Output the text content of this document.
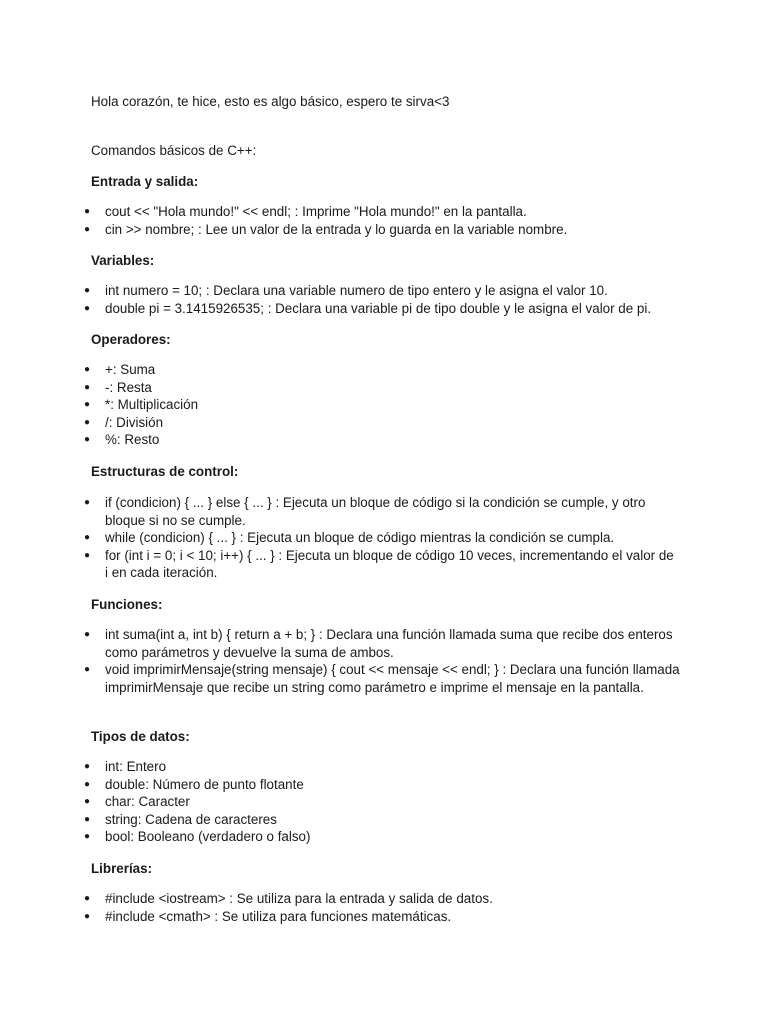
Hola corazón, te hice, esto es algo básico, espero te sirva<3
Comandos básicos de C++:
Entrada y salida:
● cout << "Hola mundo!" << endl; : Imprime "Hola mundo!" en la pantalla.
● cin >> nombre; : Lee un valor de la entrada y lo guarda en la variable nombre.
Variables:
● int numero = 10; : Declara una variable numero de tipo entero y le asigna el valor 10.
● double pi = 3.1415926535; : Declara una variable pi de tipo double y le asigna el valor de pi.
Operadores:
● +: Suma
● -: Resta
● *: Multiplicación
● /: División
● %: Resto
Estructuras de control:
● if (condicion) { ... } else { ... } : Ejecuta un bloque de código si la condición se cumple, y otro bloque si no se cumple.
● while (condicion) { ... } : Ejecuta un bloque de código mientras la condición se cumpla.
● for (int i = 0; i < 10; i++) { ... } : Ejecuta un bloque de código 10 veces, incrementando el valor de i en cada iteración.
Funciones:
● int suma(int a, int b) { return a + b; } : Declara una función llamada suma que recibe dos enteros como parámetros y devuelve la suma de ambos.
● void imprimirMensaje(string mensaje) { cout << mensaje << endl; } : Declara una función llamada imprimirMensaje que recibe un string como parámetro e imprime el mensaje en la pantalla.
Tipos de datos:
● int: Entero
● double: Número de punto flotante
● char: Caracter
● string: Cadena de caracteres
● bool: Booleano (verdadero o falso)
Librerías:
● #include <iostream> : Se utiliza para la entrada y salida de datos.
● #include <cmath> : Se utiliza para funciones matemáticas.
